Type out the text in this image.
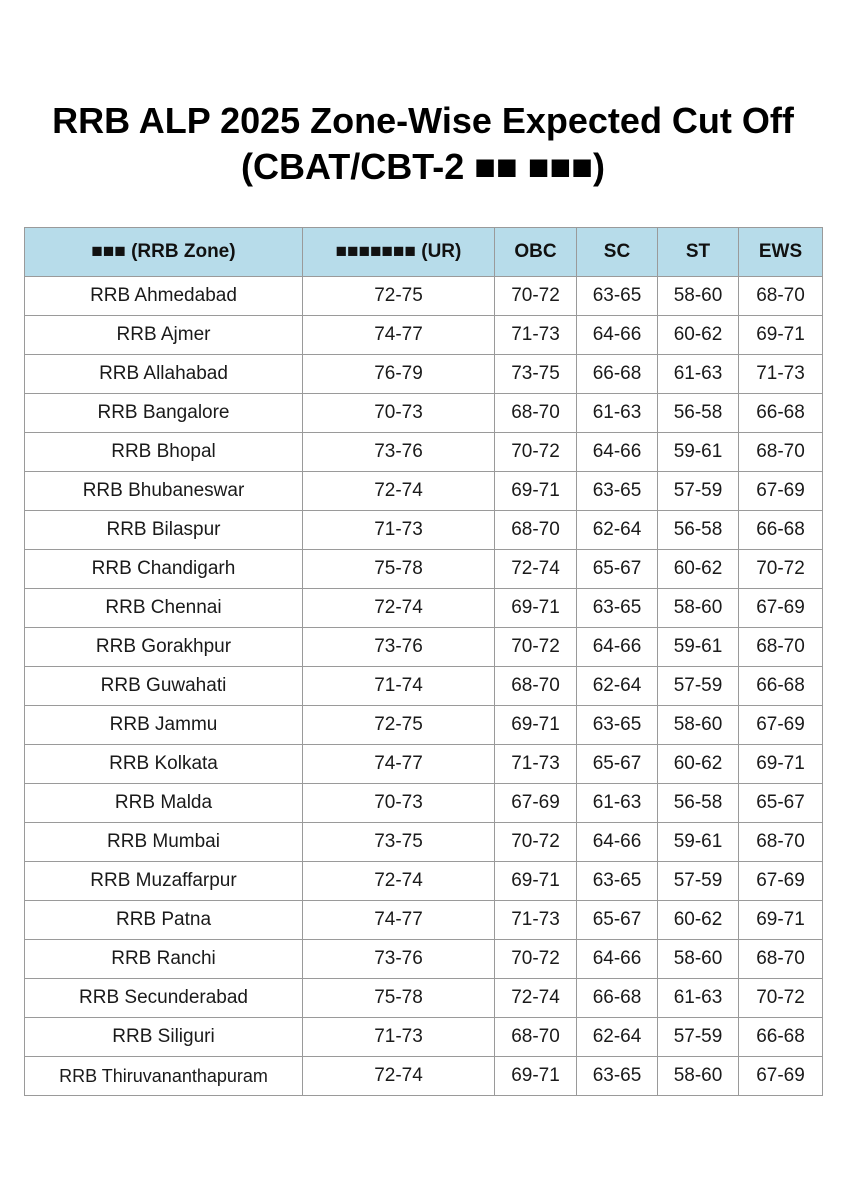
RRB ALP 2025 Zone-Wise Expected Cut Off
(CBAT/CBT-2 ■■ ■■■)
■■■ (RRB Zone)	■■■■■■■ (UR)	OBC	SC	ST	EWS
RRB Ahmedabad	72-75	70-72	63-65	58-60	68-70
RRB Ajmer	74-77	71-73	64-66	60-62	69-71
RRB Allahabad	76-79	73-75	66-68	61-63	71-73
RRB Bangalore	70-73	68-70	61-63	56-58	66-68
RRB Bhopal	73-76	70-72	64-66	59-61	68-70
RRB Bhubaneswar	72-74	69-71	63-65	57-59	67-69
RRB Bilaspur	71-73	68-70	62-64	56-58	66-68
RRB Chandigarh	75-78	72-74	65-67	60-62	70-72
RRB Chennai	72-74	69-71	63-65	58-60	67-69
RRB Gorakhpur	73-76	70-72	64-66	59-61	68-70
RRB Guwahati	71-74	68-70	62-64	57-59	66-68
RRB Jammu	72-75	69-71	63-65	58-60	67-69
RRB Kolkata	74-77	71-73	65-67	60-62	69-71
RRB Malda	70-73	67-69	61-63	56-58	65-67
RRB Mumbai	73-75	70-72	64-66	59-61	68-70
RRB Muzaffarpur	72-74	69-71	63-65	57-59	67-69
RRB Patna	74-77	71-73	65-67	60-62	69-71
RRB Ranchi	73-76	70-72	64-66	58-60	68-70
RRB Secunderabad	75-78	72-74	66-68	61-63	70-72
RRB Siliguri	71-73	68-70	62-64	57-59	66-68
RRB Thiruvananthapuram	72-74	69-71	63-65	58-60	67-69
